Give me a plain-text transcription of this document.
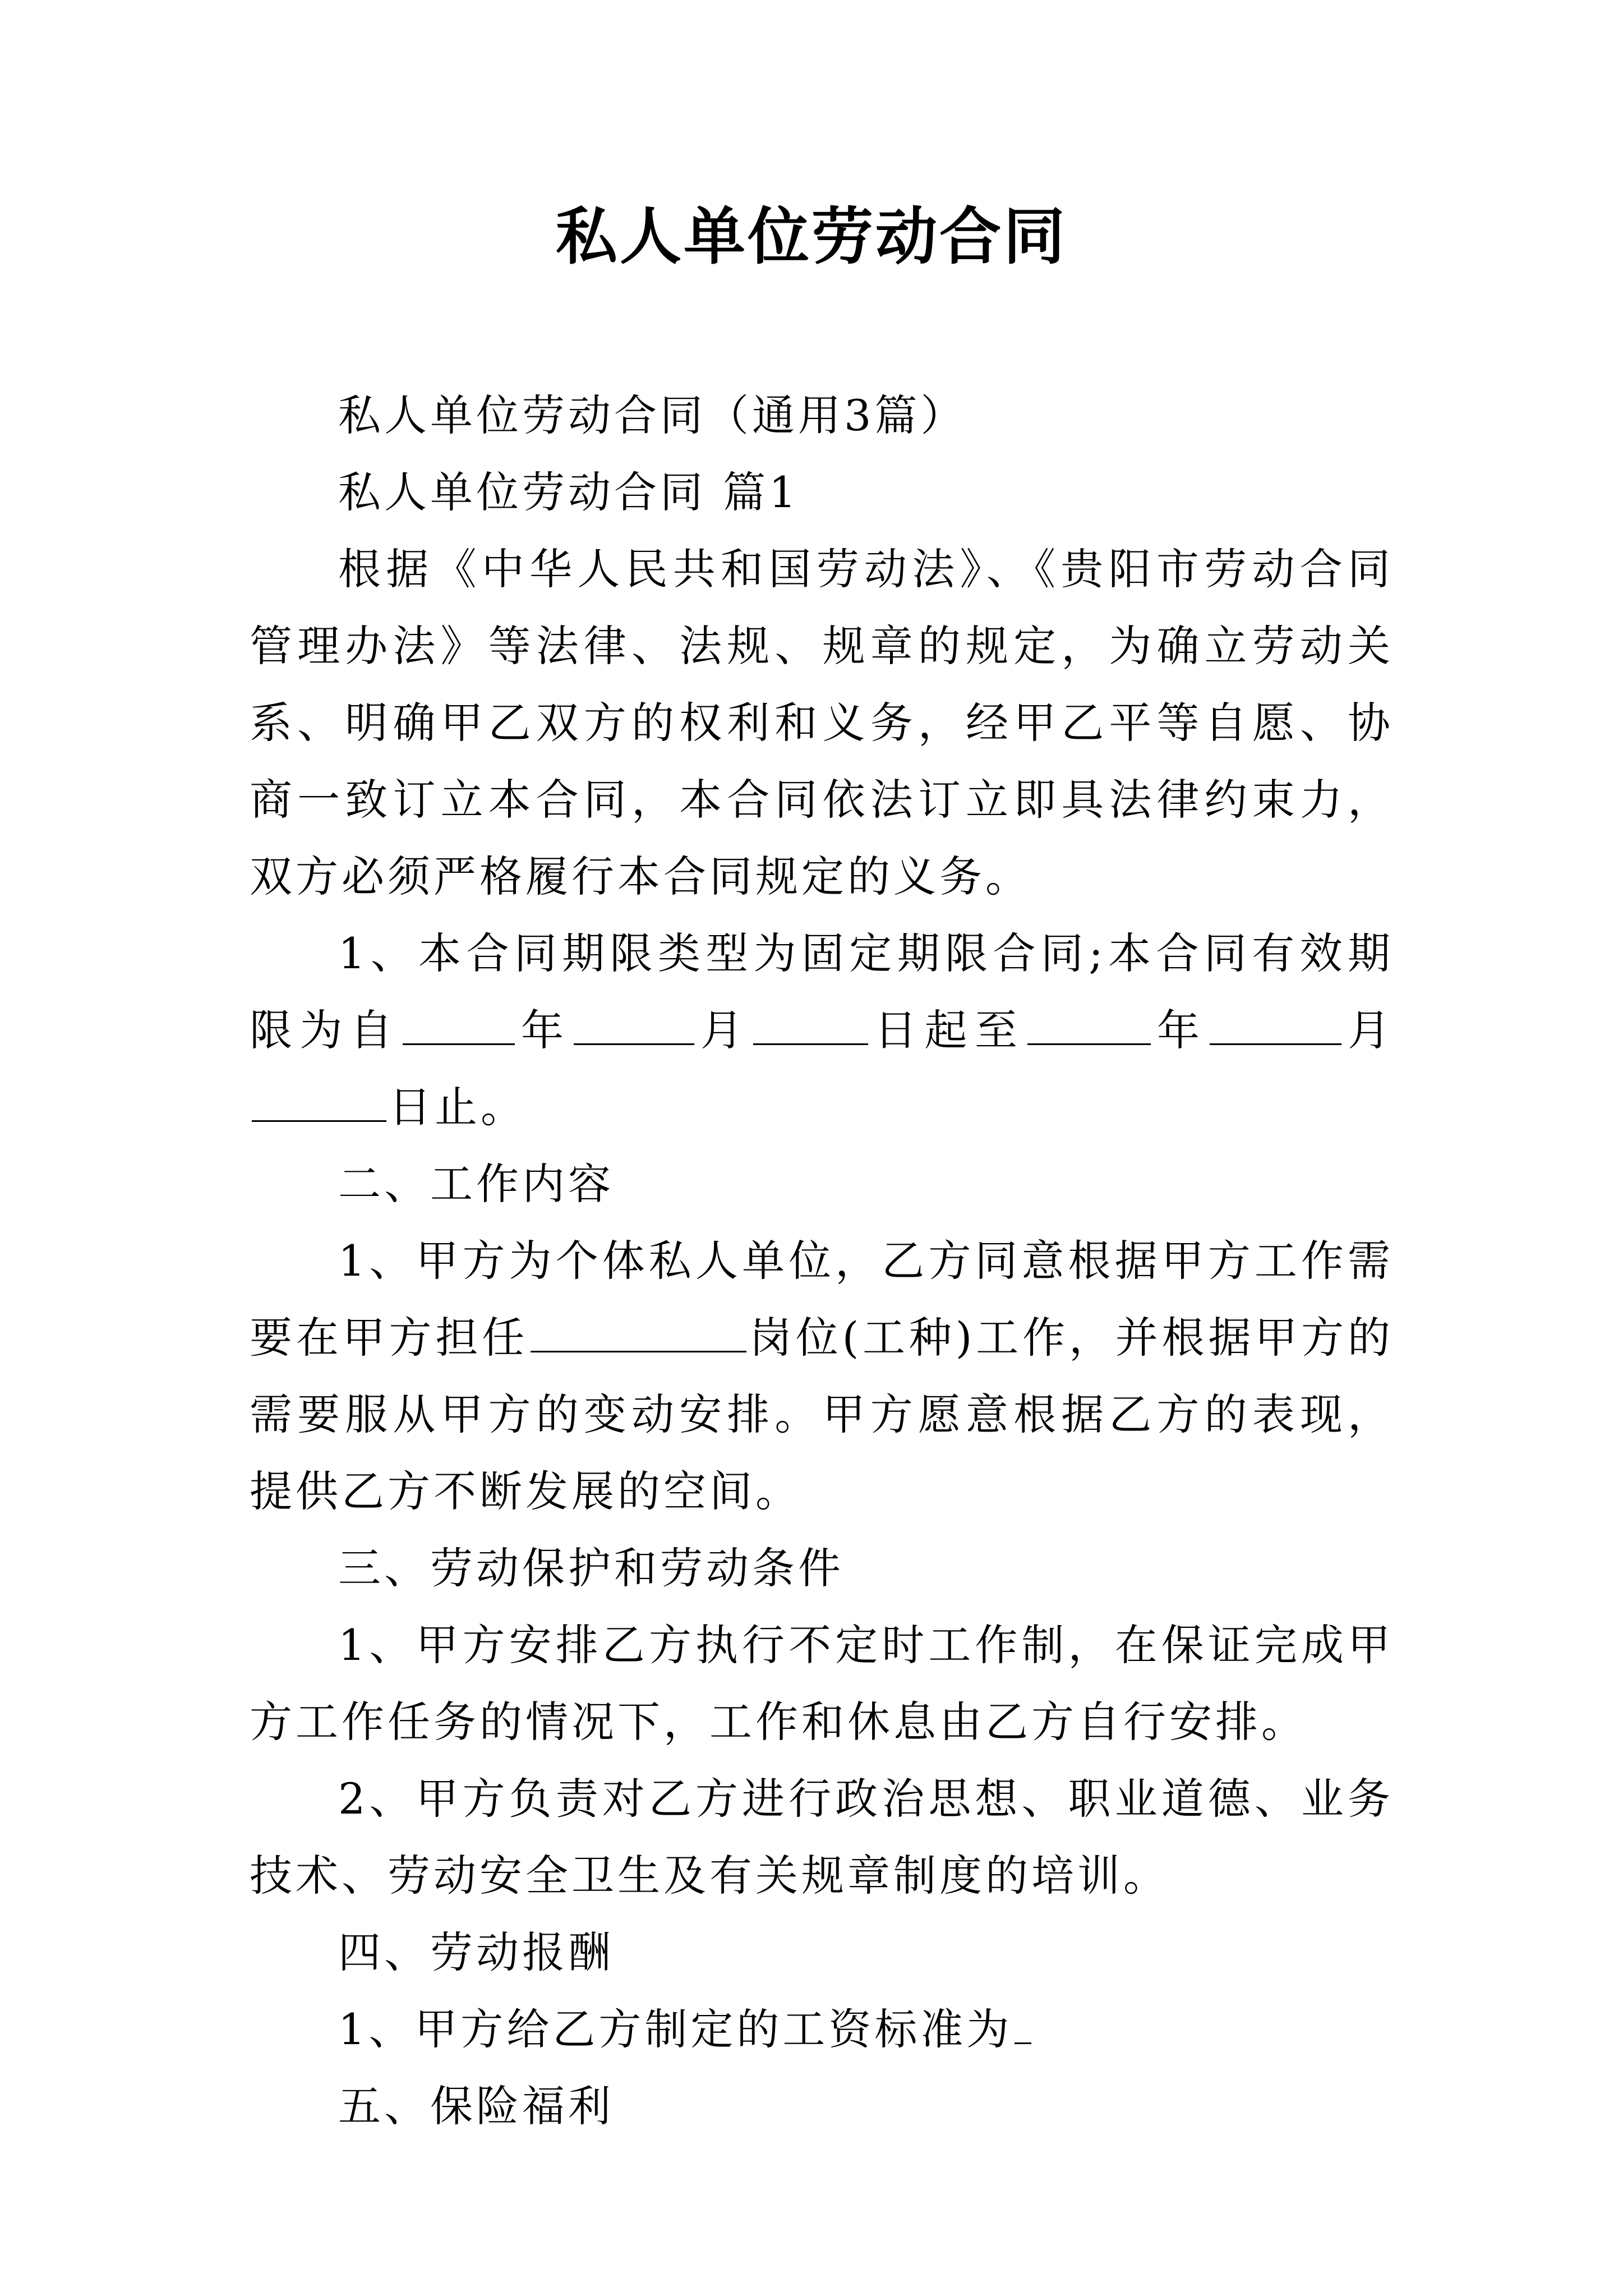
私人单位劳动合同

私人单位劳动合同（通用3篇）

私人单位劳动合同 篇1

根据《中华人民共和国劳动法》、《贵阳市劳动合同管理办法》等法律、法规、规章的规定，为确立劳动关系、明确甲乙双方的权利和义务，经甲乙平等自愿、协商一致订立本合同，本合同依法订立即具法律约束力，双方必须严格履行本合同规定的义务。

1、本合同期限类型为固定期限合同;本合同有效期限为自	年	月	日起至	年	月日止。

二、工作内容

1、甲方为个体私人单位，乙方同意根据甲方工作需要在甲方担任	岗位(工种)工作，并根据甲方的需要服从甲方的变动安排。甲方愿意根据乙方的表现，提供乙方不断发展的空间。

三、劳动保护和劳动条件

1、甲方安排乙方执行不定时工作制，在保证完成甲方工作任务的情况下，工作和休息由乙方自行安排。

2、甲方负责对乙方进行政治思想、职业道德、业务技术、劳动安全卫生及有关规章制度的培训。

四、劳动报酬

1、甲方给乙方制定的工资标准为

五、保险福利
